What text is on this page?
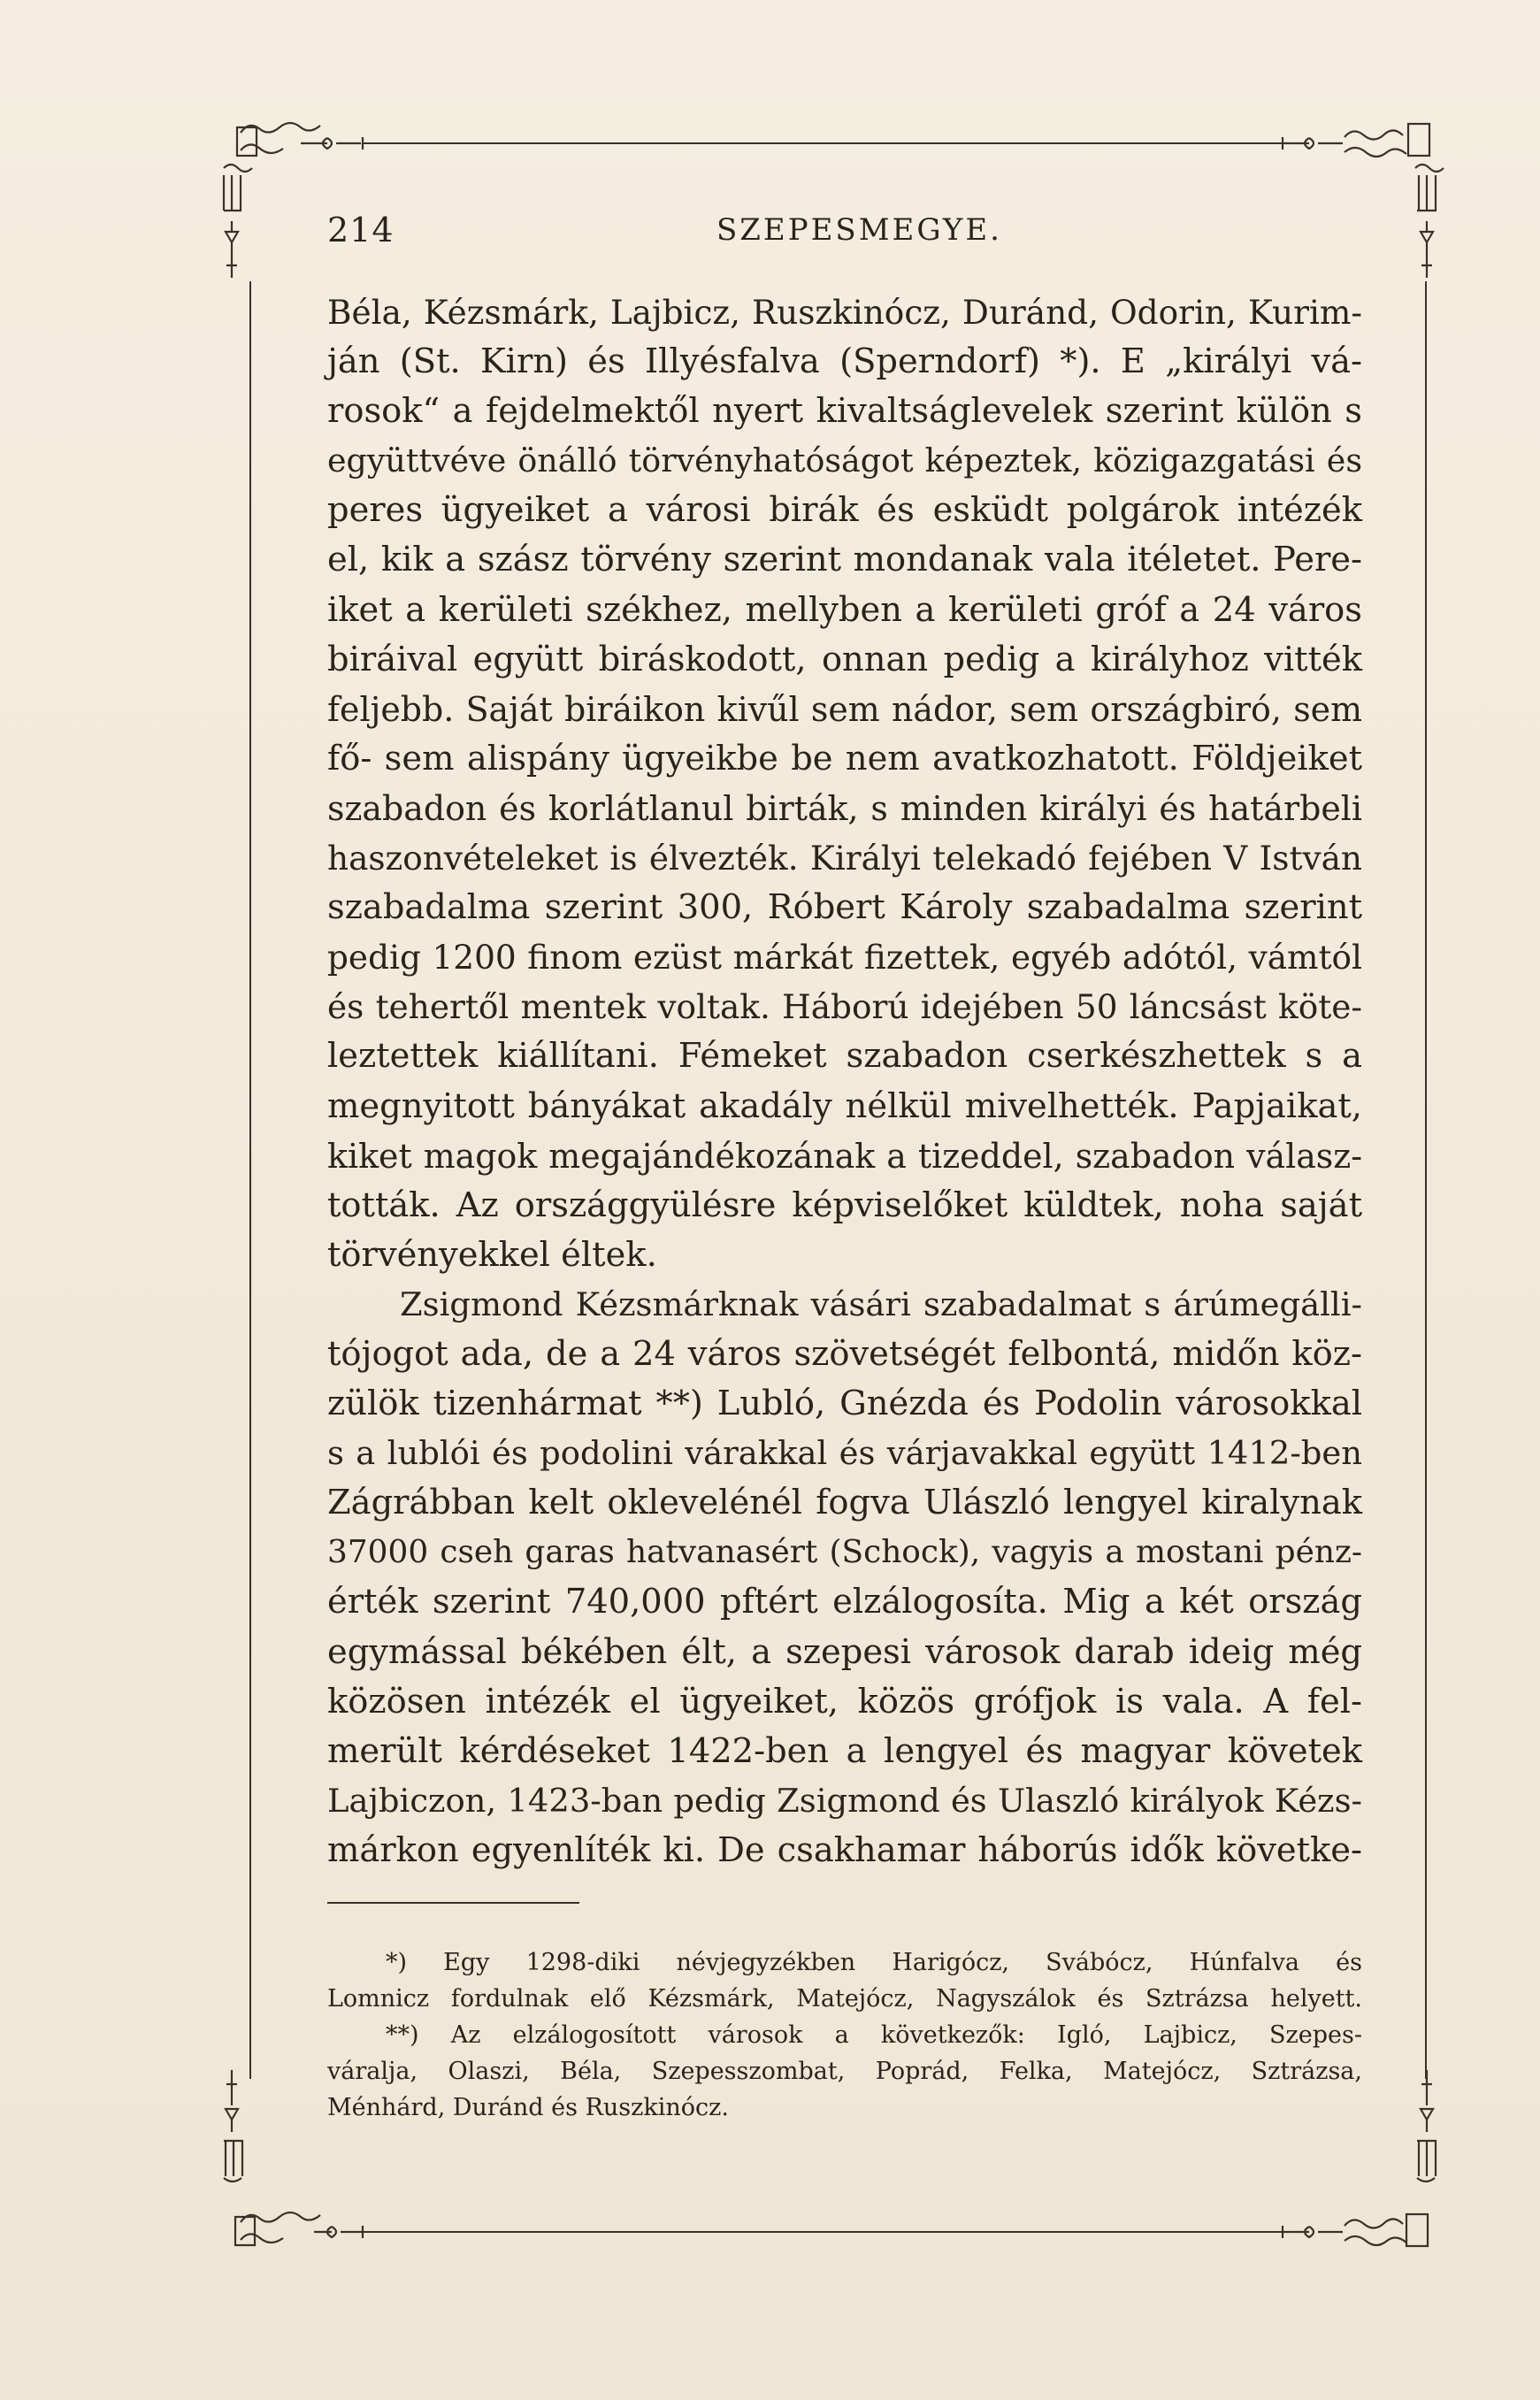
214	SZEPESMEGYE.
Béla, Kézsmárk, Lajbicz, Ruszkinócz, Duránd, Odorin, Kurim-
ján (St. Kirn) és Illyésfalva (Sperndorf) *). E „királyi vá-
rosok“ a fejdelmektől nyert kivaltságlevelek szerint külön s
együttvéve önálló törvényhatóságot képeztek, közigazgatási és
peres ügyeiket a városi birák és esküdt polgárok intézék
el, kik a szász törvény szerint mondanak vala itéletet. Pere-
iket a kerületi székhez, mellyben a kerületi gróf a 24 város
biráival együtt biráskodott, onnan pedig a királyhoz vitték
feljebb. Saját biráikon kivűl sem nádor, sem országbiró, sem
fő- sem alispány ügyeikbe be nem avatkozhatott. Földjeiket
szabadon és korlátlanul birták, s minden királyi és határbeli
haszonvételeket is élvezték. Királyi telekadó fejében V István
szabadalma szerint 300, Róbert Károly szabadalma szerint
pedig 1200 finom ezüst márkát fizettek, egyéb adótól, vámtól
és tehertől mentek voltak. Háború idejében 50 láncsást köte-
leztettek kiállítani. Fémeket szabadon cserkészhettek s a
megnyitott bányákat akadály nélkül mivelhették. Papjaikat,
kiket magok megajándékozának a tizeddel, szabadon válasz-
tották. Az országgyülésre képviselőket küldtek, noha saját
törvényekkel éltek.
Zsigmond Kézsmárknak vásári szabadalmat s árúmegálli-
tójogot ada, de a 24 város szövetségét felbontá, midőn köz-
zülök tizenhármat **) Lubló, Gnézda és Podolin városokkal
s a lublói és podolini várakkal és várjavakkal együtt 1412-ben
Zágrábban kelt oklevelénél fogva Ulászló lengyel kiralynak
37000 cseh garas hatvanasért (Schock), vagyis a mostani pénz-
érték szerint 740,000 pftért elzálogosíta. Mig a két ország
egymással békében élt, a szepesi városok darab ideig még
közösen intézék el ügyeiket, közös grófjok is vala. A fel-
merült kérdéseket 1422-ben a lengyel és magyar követek
Lajbiczon, 1423-ban pedig Zsigmond és Ulaszló királyok Kézs-
márkon egyenlíték ki. De csakhamar háborús idők követke-
*) Egy 1298-diki névjegyzékben Harigócz, Svábócz, Húnfalva és
Lomnicz fordulnak elő Kézsmárk, Matejócz, Nagyszálok és Sztrázsa helyett.
**) Az elzálogosított városok a következők: Igló, Lajbicz, Szepes-
váralja, Olaszi, Béla, Szepesszombat, Poprád, Felka, Matejócz, Sztrázsa,
Ménhárd, Duránd és Ruszkinócz.
